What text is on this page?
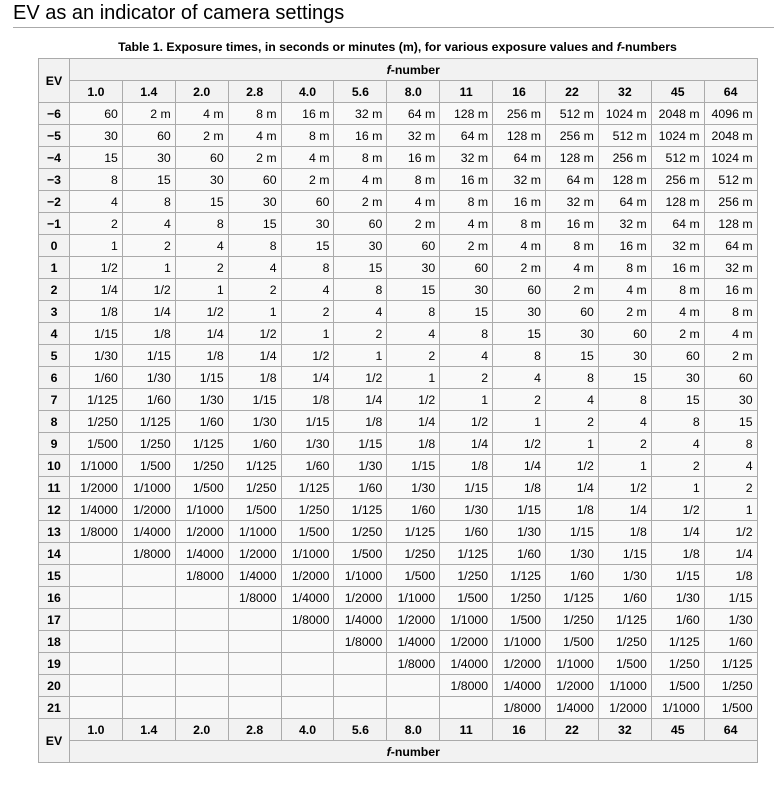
EV as an indicator of camera settings
Table 1. Exposure times, in seconds or minutes (m), for various exposure values and f-numbers
EV	f-number												
	1.0	1.4	2.0	2.8	4.0	5.6	8.0	11	16	22	32	45	64
−6	60	2 m	4 m	8 m	16 m	32 m	64 m	128 m	256 m	512 m	1024 m	2048 m	4096 m
−5	30	60	2 m	4 m	8 m	16 m	32 m	64 m	128 m	256 m	512 m	1024 m	2048 m
−4	15	30	60	2 m	4 m	8 m	16 m	32 m	64 m	128 m	256 m	512 m	1024 m
−3	8	15	30	60	2 m	4 m	8 m	16 m	32 m	64 m	128 m	256 m	512 m
−2	4	8	15	30	60	2 m	4 m	8 m	16 m	32 m	64 m	128 m	256 m
−1	2	4	8	15	30	60	2 m	4 m	8 m	16 m	32 m	64 m	128 m
0	1	2	4	8	15	30	60	2 m	4 m	8 m	16 m	32 m	64 m
1	1/2	1	2	4	8	15	30	60	2 m	4 m	8 m	16 m	32 m
2	1/4	1/2	1	2	4	8	15	30	60	2 m	4 m	8 m	16 m
3	1/8	1/4	1/2	1	2	4	8	15	30	60	2 m	4 m	8 m
4	1/15	1/8	1/4	1/2	1	2	4	8	15	30	60	2 m	4 m
5	1/30	1/15	1/8	1/4	1/2	1	2	4	8	15	30	60	2 m
6	1/60	1/30	1/15	1/8	1/4	1/2	1	2	4	8	15	30	60
7	1/125	1/60	1/30	1/15	1/8	1/4	1/2	1	2	4	8	15	30
8	1/250	1/125	1/60	1/30	1/15	1/8	1/4	1/2	1	2	4	8	15
9	1/500	1/250	1/125	1/60	1/30	1/15	1/8	1/4	1/2	1	2	4	8
10	1/1000	1/500	1/250	1/125	1/60	1/30	1/15	1/8	1/4	1/2	1	2	4
11	1/2000	1/1000	1/500	1/250	1/125	1/60	1/30	1/15	1/8	1/4	1/2	1	2
12	1/4000	1/2000	1/1000	1/500	1/250	1/125	1/60	1/30	1/15	1/8	1/4	1/2	1
13	1/8000	1/4000	1/2000	1/1000	1/500	1/250	1/125	1/60	1/30	1/15	1/8	1/4	1/2
14		1/8000	1/4000	1/2000	1/1000	1/500	1/250	1/125	1/60	1/30	1/15	1/8	1/4
15			1/8000	1/4000	1/2000	1/1000	1/500	1/250	1/125	1/60	1/30	1/15	1/8
16				1/8000	1/4000	1/2000	1/1000	1/500	1/250	1/125	1/60	1/30	1/15
17					1/8000	1/4000	1/2000	1/1000	1/500	1/250	1/125	1/60	1/30
18						1/8000	1/4000	1/2000	1/1000	1/500	1/250	1/125	1/60
19							1/8000	1/4000	1/2000	1/1000	1/500	1/250	1/125
20								1/8000	1/4000	1/2000	1/1000	1/500	1/250
21									1/8000	1/4000	1/2000	1/1000	1/500
EV	1.0	1.4	2.0	2.8	4.0	5.6	8.0	11	16	22	32	45	64
	f-number												
